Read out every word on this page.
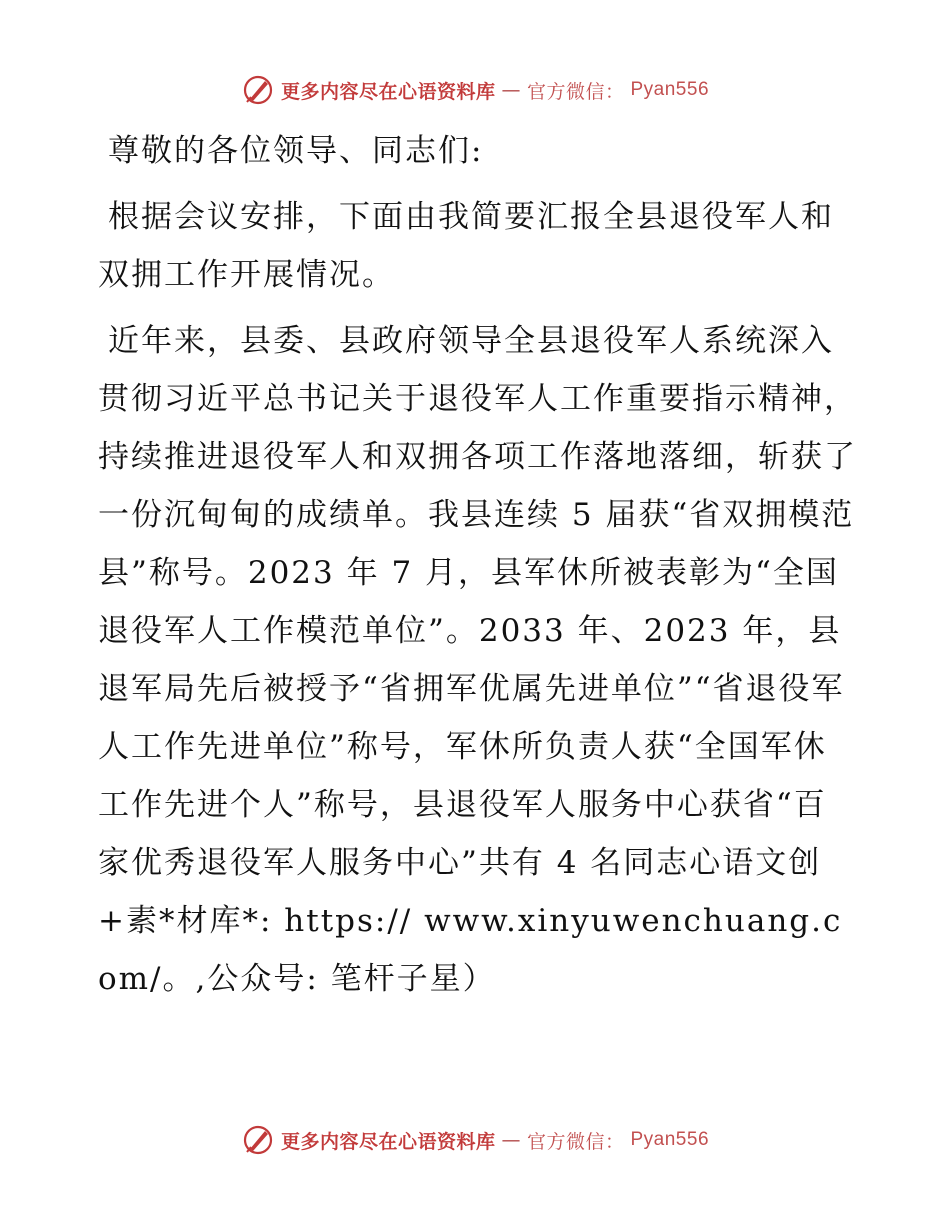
更多内容尽在心语资料库 — 官方微信： Pyan556

尊敬的各位领导、同志们:

根据会议安排，下面由我简要汇报全县退役军人和双拥工作开展情况。

近年来，县委、县政府领导全县退役军人系统深入贯彻习近平总书记关于退役军人工作重要指示精神，持续推进退役军人和双拥各项工作落地落细，斩获了一份沉甸甸的成绩单。我县连续 5 届获“省双拥模范县”称号。2023 年 7 月，县军休所被表彰为“全国退役军人工作模范单位”。2033 年、2023 年，县退军局先后被授予“省拥军优属先进单位”“省退役军人工作先进单位”称号，军休所负责人获“全国军休工作先进个人”称号，县退役军人服务中心获省“百家优秀退役军人服务中心”共有 4 名同志心语文创+素*材库*: https:// www.xinyuwenchuang.com/。,公众号: 笔杆子星）

更多内容尽在心语资料库 — 官方微信： Pyan556
